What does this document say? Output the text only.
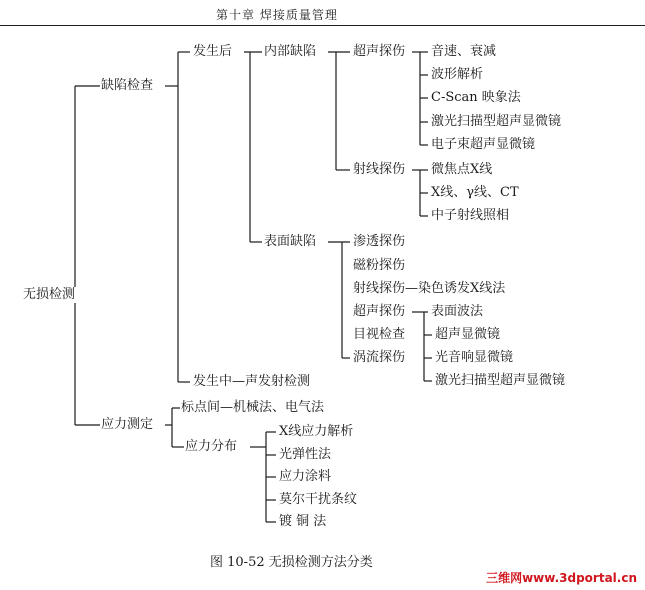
第十章 焊接质量管理
无损检测
缺陷检查
应力测定
发生后
发生中—声发射检测
标点间—机械法、电气法
应力分布
内部缺陷
表面缺陷
超声探伤
射线探伤
音速、衰减
波形解析
C-Scan 映象法
激光扫描型超声显微镜
电子束超声显微镜
微焦点X线
X线、γ线、CT
中子射线照相
渗透探伤
磁粉探伤
射线探伤—染色诱发X线法
超声探伤
目视检查
涡流探伤
表面波法
超声显微镜
光音响显微镜
激光扫描型超声显微镜
X线应力解析
光弹性法
应力涂料
莫尔干扰条纹
镀 铜 法
图 10-52 无损检测方法分类
三维网www.3dportal.cn
